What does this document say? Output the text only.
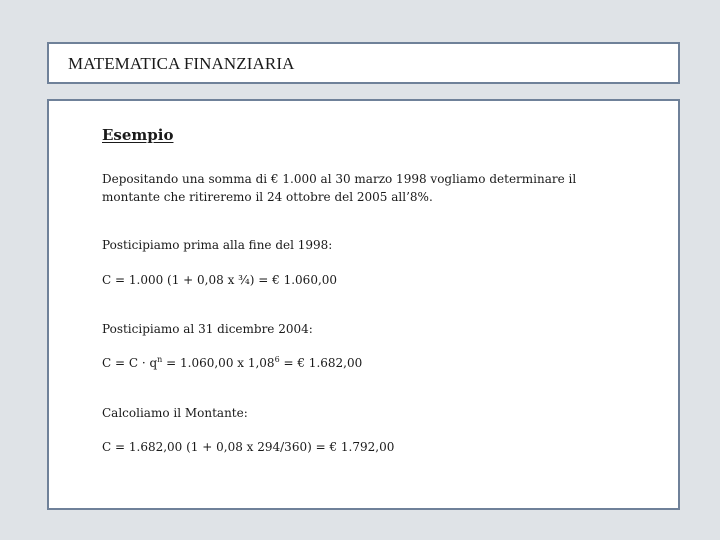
MATEMATICA FINANZIARIA
Esempio
Depositando una somma di € 1.000 al 30 marzo 1998 vogliamo determinare il
montante che ritireremo il 24 ottobre del 2005 all’8%.
Posticipiamo prima alla fine del 1998:
C = 1.000 (1 + 0,08 x ¾) = € 1.060,00
Posticipiamo al 31 dicembre 2004:
$C = C \cdot q^n = 1.060,00$ x $1,08^6$ = € 1.682,00
Calcoliamo il Montante:
C = 1.682,00 (1 + 0,08 x 294/360) = € 1.792,00
